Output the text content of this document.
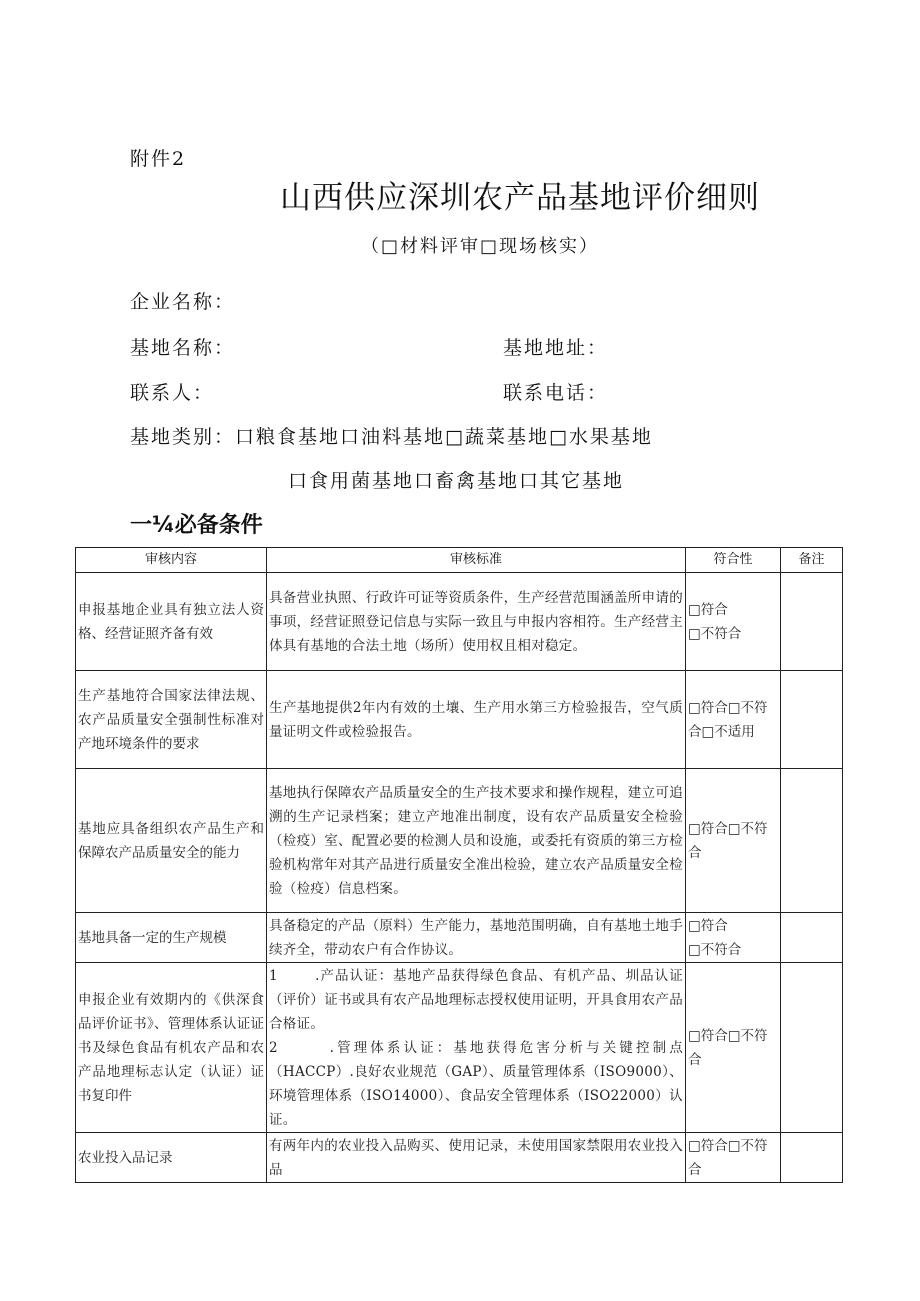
附件2
山西供应深圳农产品基地评价细则
（□材料评审□现场核实）
企业名称：
基地名称：	基地地址：
联系人：	联系电话：
基地类别：口粮食基地口油料基地□蔬菜基地□水果基地
口食用菌基地口畜禽基地口其它基地
一¼必备条件
审核内容	审核标准	符合性	备注
申报基地企业具有独立法人资格、经营证照齐备有效	具备营业执照、行政许可证等资质条件，生产经营范围涵盖所申请的事项，经营证照登记信息与实际一致且与申报内容相符。生产经营主体具有基地的合法土地（场所）使用权且相对稳定。	□符合
□不符合	

生产基地符合国家法律法规、农产品质量安全强制性标准对产地环境条件的要求	生产基地提供2年内有效的土壤、生产用水第三方检验报告，空气质量证明文件或检验报告。	□符合□不符合□不适用	
基地应具备组织农产品生产和保障农产品质量安全的能力	基地执行保障农产品质量安全的生产技术要求和操作规程，建立可追溯的生产记录档案；建立产地准出制度，设有农产品质量安全检验（检疫）室、配置必要的检测人员和设施，或委托有资质的第三方检验机构常年对其产品进行质量安全准出检验，建立农产品质量安全检验（检疫）信息档案。	□符合□不符合	
基地具备一定的生产规模	具备稳定的产品（原料）生产能力，基地范围明确，自有基地土地手续齐全，带动农户有合作协议。	□符合
□不符合	

申报企业有效期内的《供深食品评价证书》、管理体系认证证书及绿色食品有机农产品和农产品地理标志认定（认证）证书复印件	1       .产品认证：基地产品获得绿色食品、有机产品、圳品认证（评价）证书或具有农产品地理标志授权使用证明，开具食用农产品合格证。
2       .管理体系认证：基地获得危害分析与关键控制点（HACCP）.良好农业规范（GAP）、质量管理体系（ISO9000）、环境管理体系（ISO14000）、食品安全管理体系（ISO22000）认证。	□符合□不符合	
农业投入品记录	有两年内的农业投入品购买、使用记录，未使用国家禁限用农业投入品	□符合□不符合	
